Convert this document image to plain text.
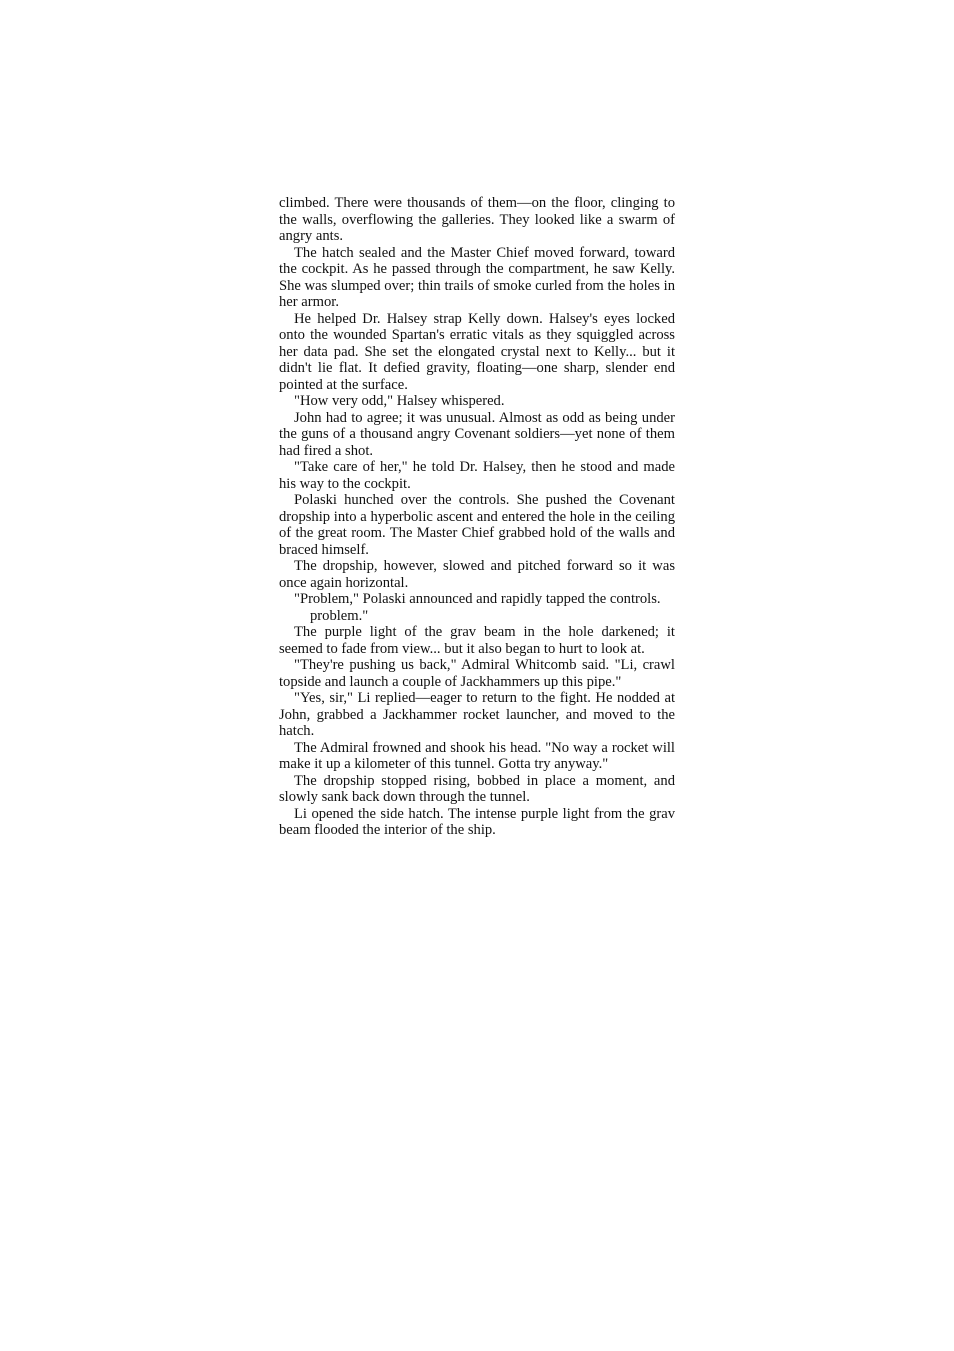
climbed. There were thousands of them—on the floor, clinging to the walls, overflowing the galleries. They looked like a swarm of angry ants.

The hatch sealed and the Master Chief moved forward, toward the cockpit. As he passed through the compartment, he saw Kelly. She was slumped over; thin trails of smoke curled from the holes in her armor.

He helped Dr. Halsey strap Kelly down. Halsey's eyes locked onto the wounded Spartan's erratic vitals as they squiggled across her data pad. She set the elongated crystal next to Kelly... but it didn't lie flat. It defied gravity, floating—one sharp, slender end pointed at the surface.

"How very odd," Halsey whispered.

John had to agree; it was unusual. Almost as odd as being under the guns of a thousand angry Covenant soldiers—yet none of them had fired a shot.

"Take care of her," he told Dr. Halsey, then he stood and made his way to the cockpit.

Polaski hunched over the controls. She pushed the Covenant dropship into a hyperbolic ascent and entered the hole in the ceiling of the great room. The Master Chief grabbed hold of the walls and braced himself.

The dropship, however, slowed and pitched forward so it was once again horizontal.

"Problem," Polaski announced and rapidly tapped the controls.
problem."

The purple light of the grav beam in the hole darkened; it seemed to fade from view... but it also began to hurt to look at.

"They're pushing us back," Admiral Whitcomb said. "Li, crawl topside and launch a couple of Jackhammers up this pipe."

"Yes, sir," Li replied—eager to return to the fight. He nodded at John, grabbed a Jackhammer rocket launcher, and moved to the hatch.

The Admiral frowned and shook his head. "No way a rocket will make it up a kilometer of this tunnel. Gotta try anyway."

The dropship stopped rising, bobbed in place a moment, and slowly sank back down through the tunnel.

Li opened the side hatch. The intense purple light from the grav beam flooded the interior of the ship.
